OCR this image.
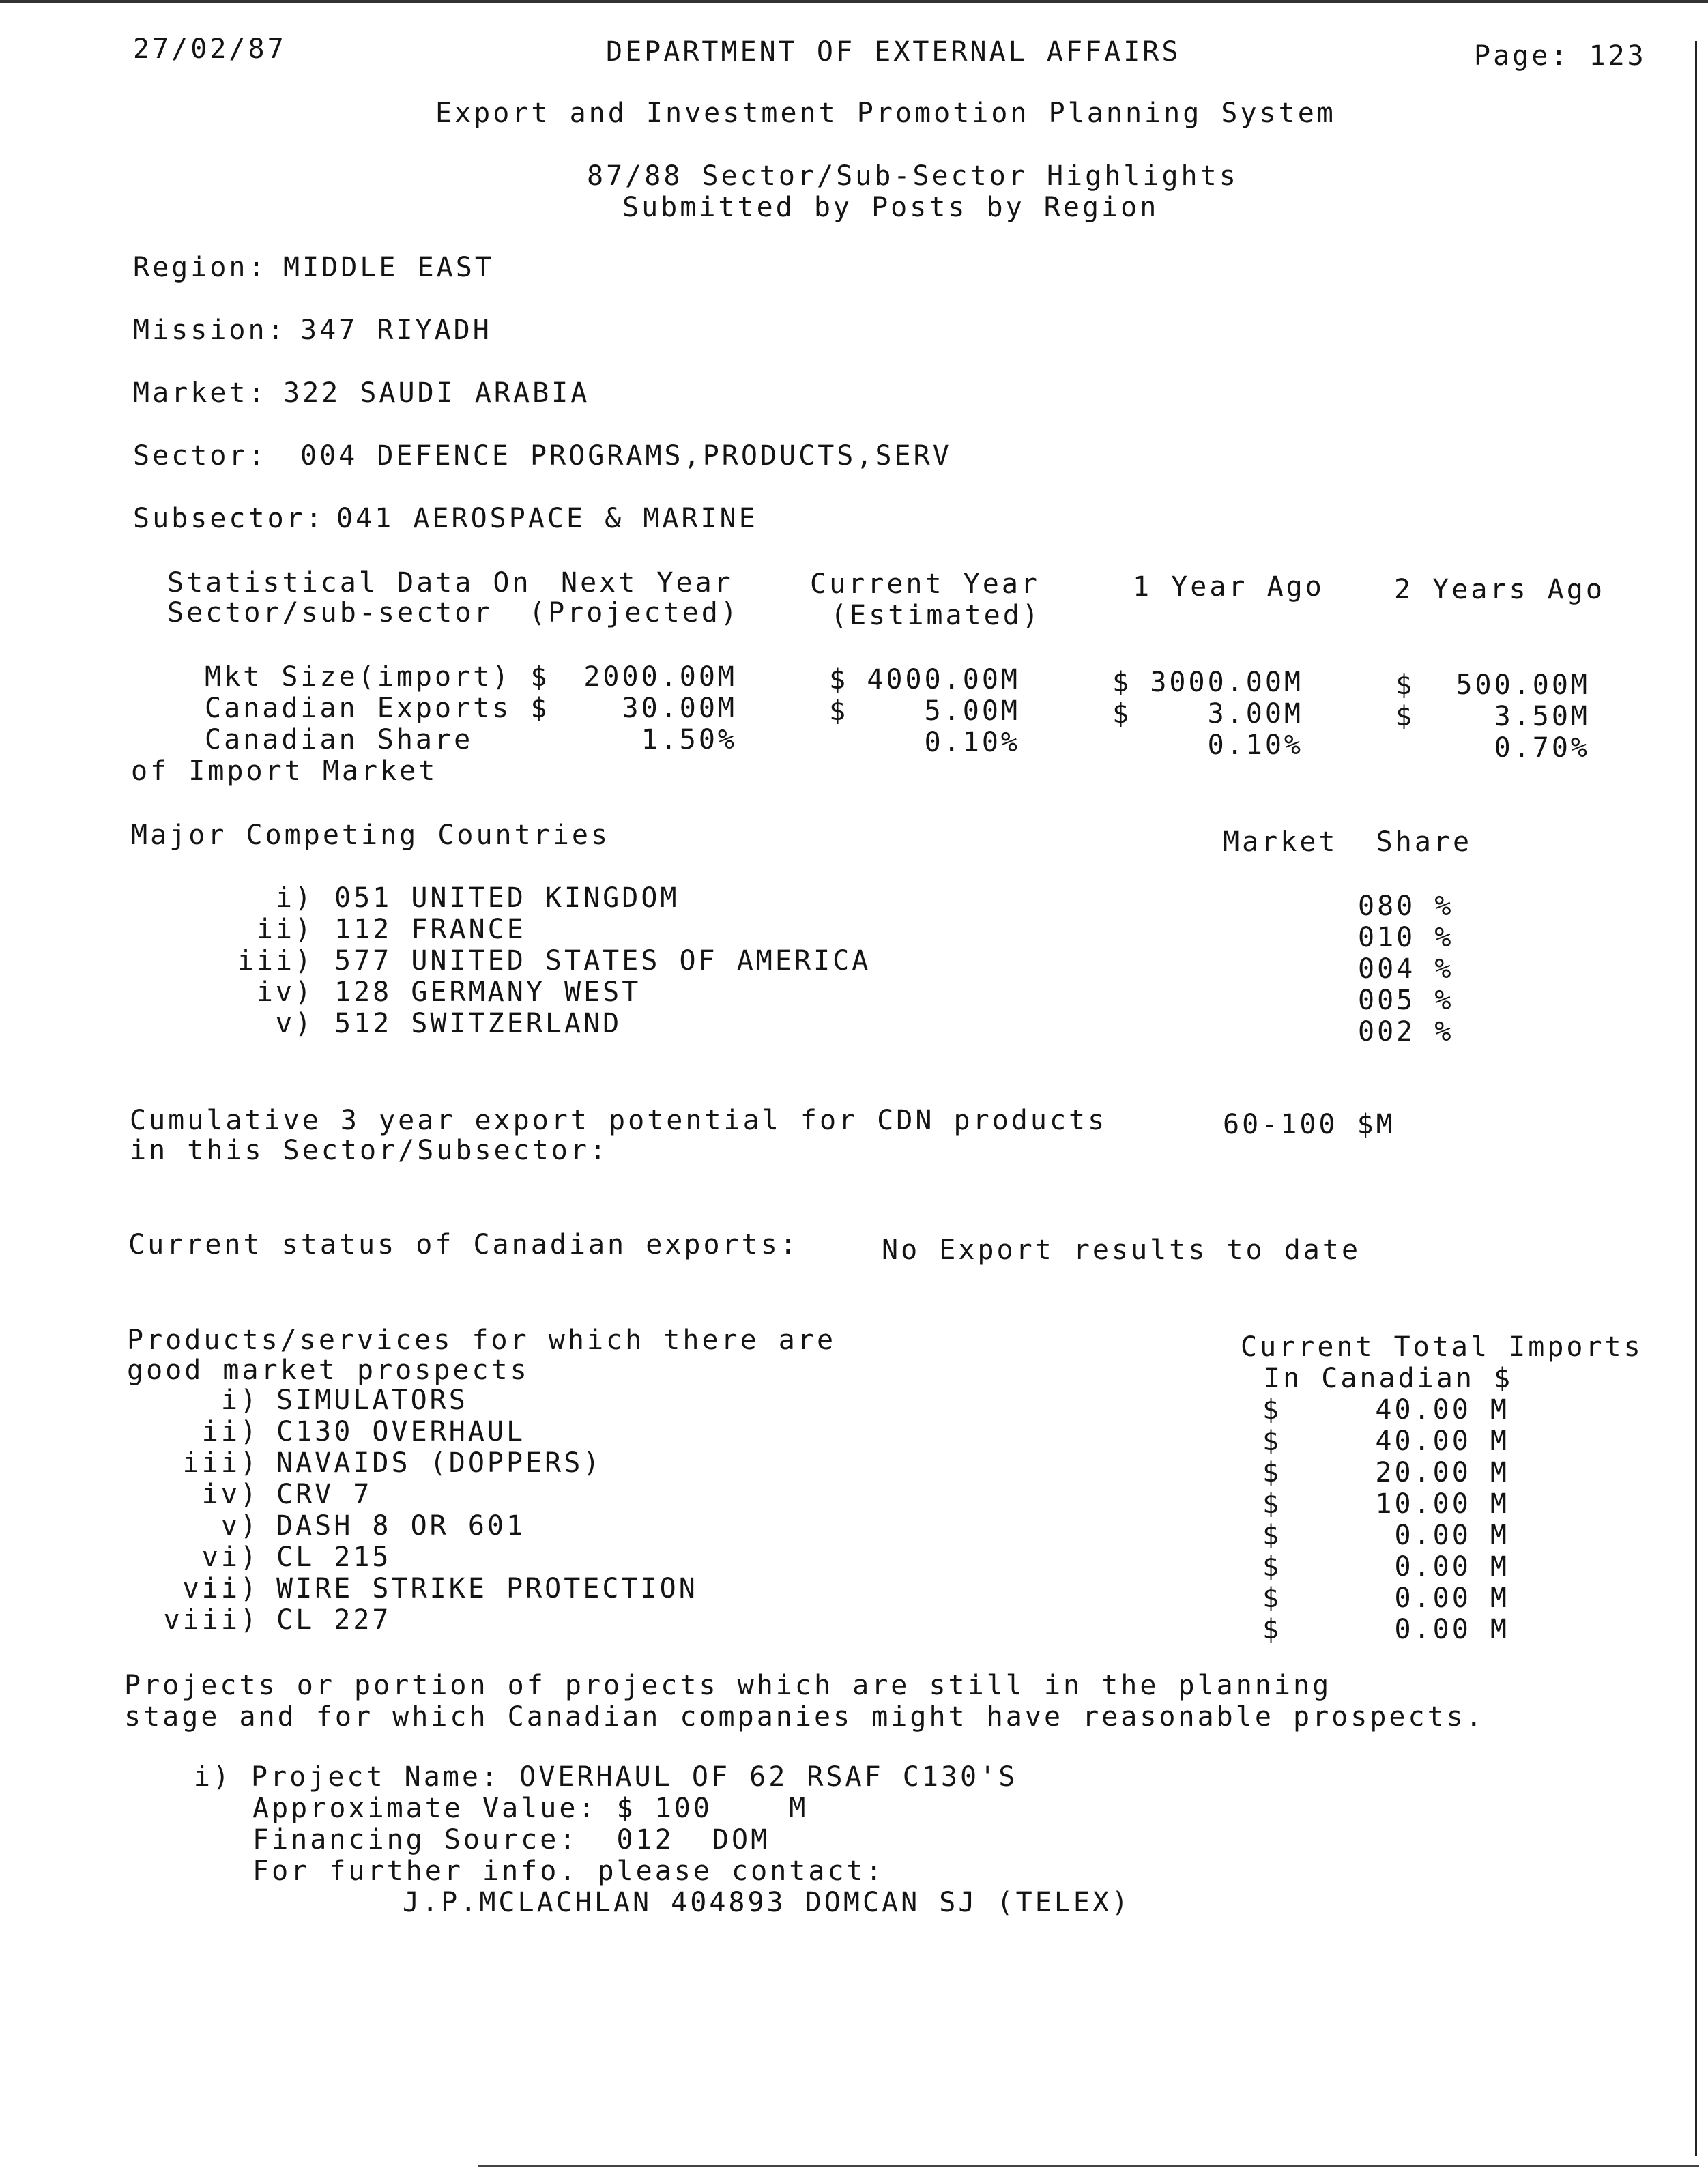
27/02/87	DEPARTMENT OF EXTERNAL AFFAIRS	Page: 123
Export and Investment Promotion Planning System
87/88 Sector/Sub-Sector Highlights
Submitted by Posts by Region
Region: MIDDLE EAST
Mission: 347 RIYADH
Market: 322 SAUDI ARABIA
Sector: 004 DEFENCE PROGRAMS,PRODUCTS,SERV
Subsector: 041 AEROSPACE & MARINE
Statistical Data On
Sector/sub-sector
Next Year
(Projected)
Current Year
(Estimated)
1 Year Ago	2 Years Ago
Mkt Size(import) $	2000.00M	$ 4000.00M	$ 3000.00M	$	500.00M
Canadian Exports $	30.00M	$	5.00M	$	3.00M	$	3.50M
Canadian Share	1.50%	0.10%	0.10%	0.70%
of Import Market
Major Competing Countries	Market  Share
i) 051 UNITED KINGDOM	080 %
ii) 112 FRANCE	010 %
iii) 577 UNITED STATES OF AMERICA	004 %
iv) 128 GERMANY WEST	005 %
v) 512 SWITZERLAND	002 %
Cumulative 3 year export potential for CDN products
in this Sector/Subsector:
60-100 $M
Current status of Canadian exports:	No Export results to date
Products/services for which there are
good market prospects
Current Total Imports
In Canadian $
i) SIMULATORS	$	40.00 M
ii) C130 OVERHAUL	$	40.00 M
iii) NAVAIDS (DOPPERS)	$	20.00 M
iv) CRV 7	$	10.00 M
v) DASH 8 OR 601	$	0.00 M
vi) CL 215	$	0.00 M
vii) WIRE STRIKE PROTECTION	$	0.00 M
viii) CL 227	$	0.00 M
Projects or portion of projects which are still in the planning
stage and for which Canadian companies might have reasonable prospects.
i) Project Name: OVERHAUL OF 62 RSAF C130'S
Approximate Value: $ 100    M
Financing Source:  012  DOM
For further info. please contact:
J.P.MCLACHLAN 404893 DOMCAN SJ (TELEX)
